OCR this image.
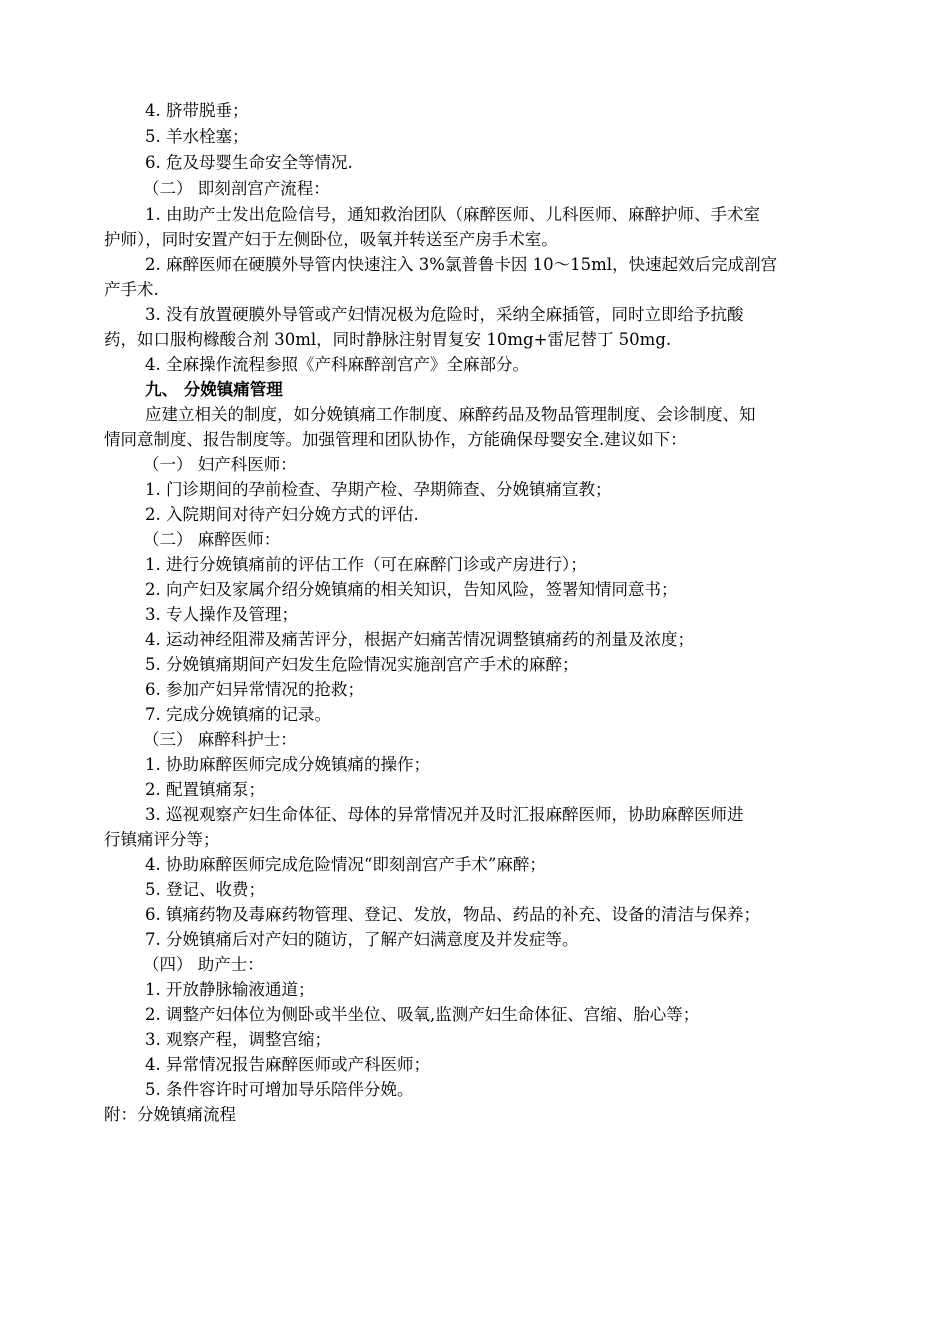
4. 脐带脱垂；
5. 羊水栓塞；
6. 危及母婴生命安全等情况.
（二） 即刻剖宫产流程：
1. 由助产士发出危险信号，通知救治团队（麻醉医师、儿科医师、麻醉护师、手术室
护师），同时安置产妇于左侧卧位，吸氧并转送至产房手术室。
2. 麻醉医师在硬膜外导管内快速注入 3%氯普鲁卡因 10～15ml，快速起效后完成剖宫
产手术.
3. 没有放置硬膜外导管或产妇情况极为危险时，采纳全麻插管，同时立即给予抗酸
药，如口服枸橼酸合剂 30ml，同时静脉注射胃复安 10mg+雷尼替丁 50mg.
4. 全麻操作流程参照《产科麻醉剖宫产》全麻部分。
九、 分娩镇痛管理
应建立相关的制度，如分娩镇痛工作制度、麻醉药品及物品管理制度、会诊制度、知
情同意制度、报告制度等。加强管理和团队协作，方能确保母婴安全.建议如下：
（一） 妇产科医师：
1. 门诊期间的孕前检查、孕期产检、孕期筛查、分娩镇痛宣教；
2. 入院期间对待产妇分娩方式的评估.
（二） 麻醉医师：
1. 进行分娩镇痛前的评估工作（可在麻醉门诊或产房进行）；
2. 向产妇及家属介绍分娩镇痛的相关知识，告知风险，签署知情同意书；
3. 专人操作及管理；
4. 运动神经阻滞及痛苦评分，根据产妇痛苦情况调整镇痛药的剂量及浓度；
5. 分娩镇痛期间产妇发生危险情况实施剖宫产手术的麻醉；
6. 参加产妇异常情况的抢救；
7. 完成分娩镇痛的记录。
（三） 麻醉科护士：
1. 协助麻醉医师完成分娩镇痛的操作；
2. 配置镇痛泵；
3. 巡视观察产妇生命体征、母体的异常情况并及时汇报麻醉医师，协助麻醉医师进
行镇痛评分等；
4. 协助麻醉医师完成危险情况“即刻剖宫产手术”麻醉；
5. 登记、收费；
6. 镇痛药物及毒麻药物管理、登记、发放，物品、药品的补充、设备的清洁与保养；
7. 分娩镇痛后对产妇的随访，了解产妇满意度及并发症等。
（四） 助产士：
1. 开放静脉输液通道；
2. 调整产妇体位为侧卧或半坐位、吸氧,监测产妇生命体征、宫缩、胎心等；
3. 观察产程，调整宫缩；
4. 异常情况报告麻醉医师或产科医师；
5. 条件容许时可增加导乐陪伴分娩。
附：分娩镇痛流程
